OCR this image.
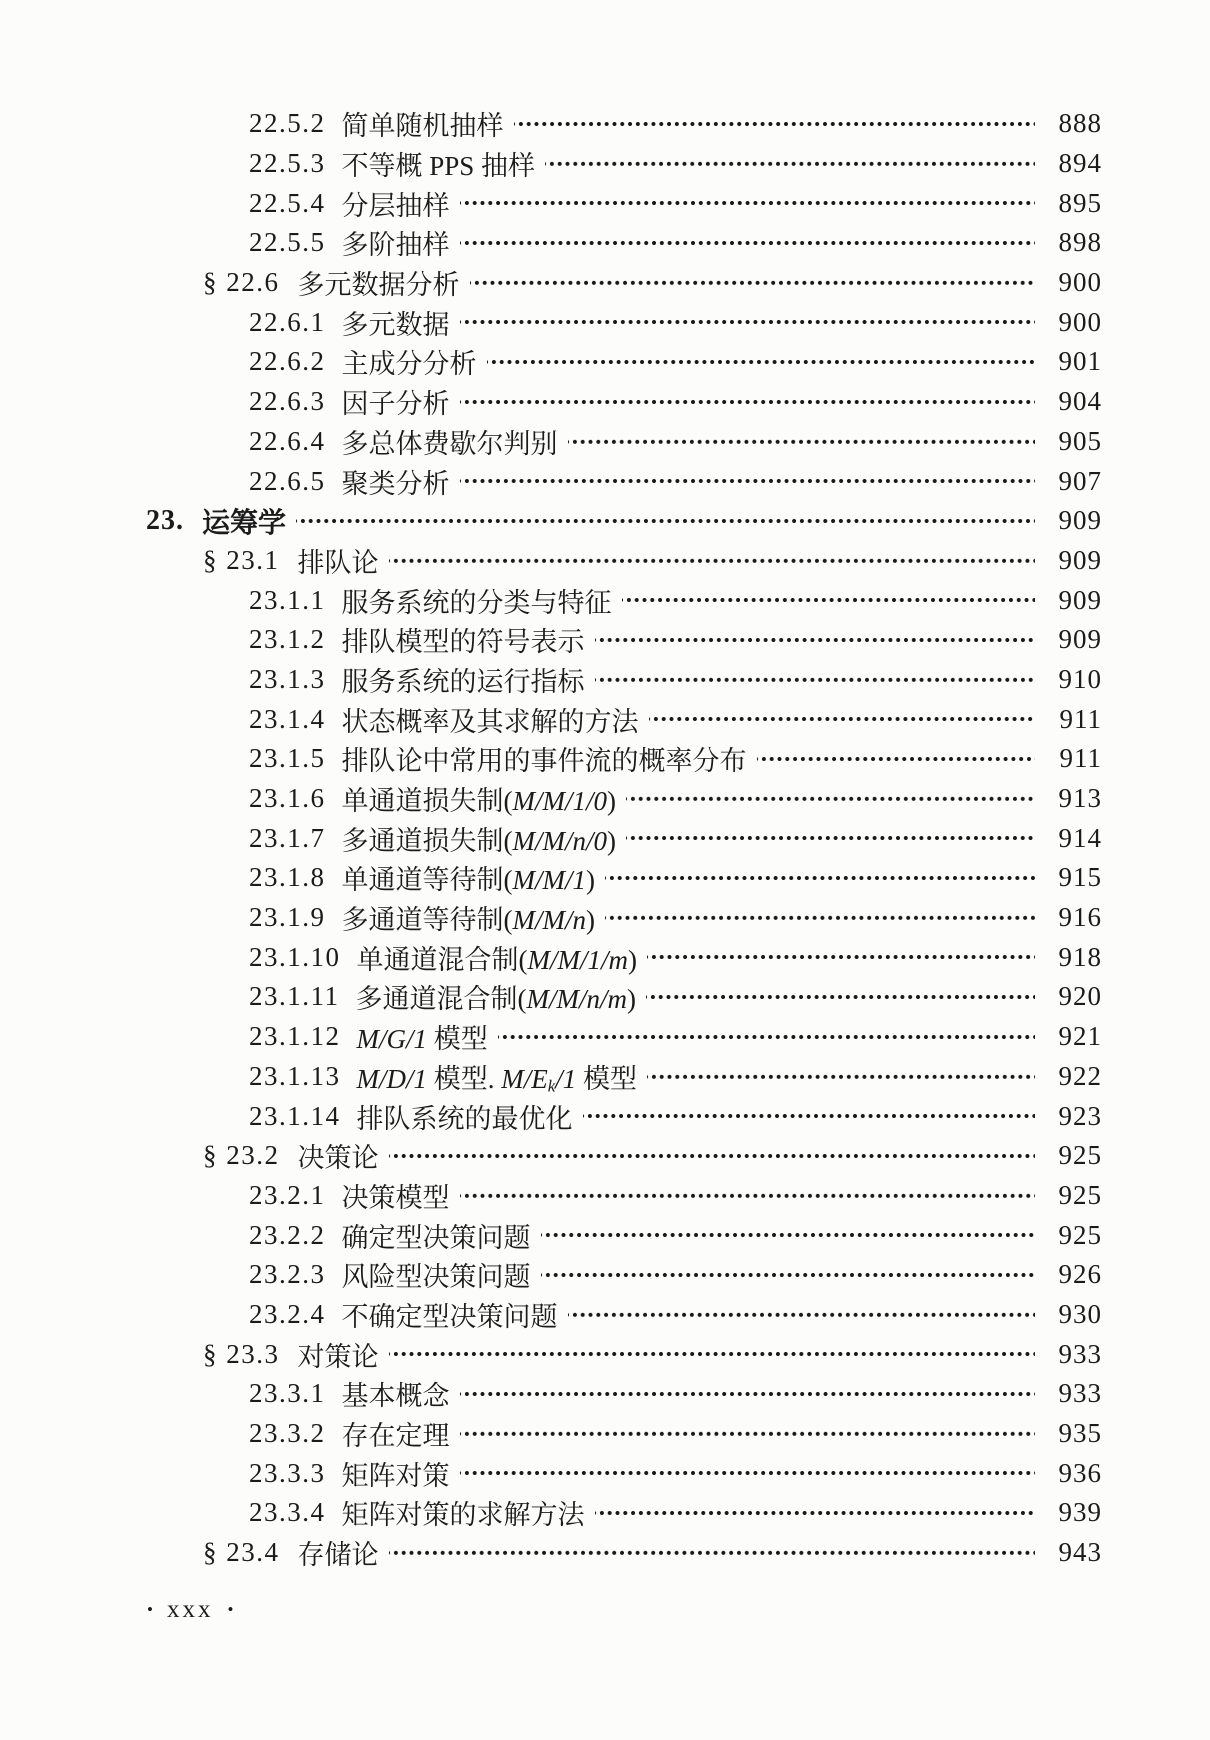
22.5.2 简单随机抽样	888
22.5.3 不等概 PPS 抽样	894
22.5.4 分层抽样	895
22.5.5 多阶抽样	898
§ 22.6 多元数据分析	900
22.6.1 多元数据	900
22.6.2 主成分分析	901
22.6.3 因子分析	904
22.6.4 多总体费歇尔判别	905
22.6.5 聚类分析	907
23. 运筹学	909
§ 23.1 排队论	909
23.1.1 服务系统的分类与特征	909
23.1.2 排队模型的符号表示	909
23.1.3 服务系统的运行指标	910
23.1.4 状态概率及其求解的方法	911
23.1.5 排队论中常用的事件流的概率分布	911
23.1.6 单通道损失制(M/M/1/0)	913
23.1.7 多通道损失制(M/M/n/0)	914
23.1.8 单通道等待制(M/M/1)	915
23.1.9 多通道等待制(M/M/n)	916
23.1.10 单通道混合制(M/M/1/m)	918
23.1.11 多通道混合制(M/M/n/m)	920
23.1.12 M/G/1 模型	921
23.1.13 M/D/1 模型. M/Ek/1 模型	922
23.1.14 排队系统的最优化	923
§ 23.2 决策论	925
23.2.1 决策模型	925
23.2.2 确定型决策问题	925
23.2.3 风险型决策问题	926
23.2.4 不确定型决策问题	930
§ 23.3 对策论	933
23.3.1 基本概念	933
23.3.2 存在定理	935
23.3.3 矩阵对策	936
23.3.4 矩阵对策的求解方法	939
§ 23.4 存储论	943
• xxx •
